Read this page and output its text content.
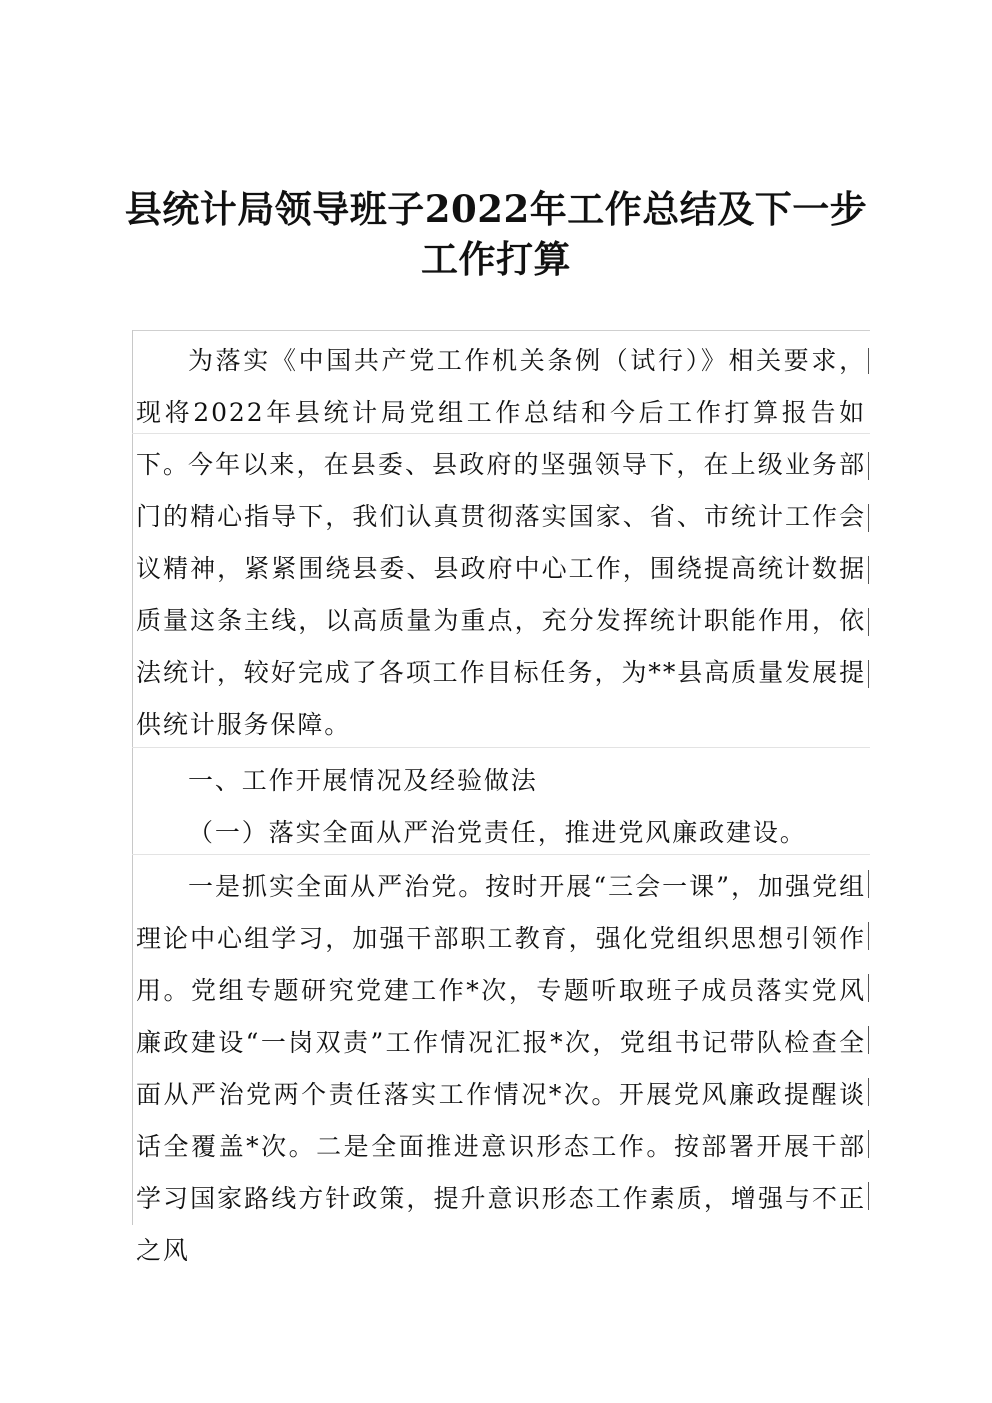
县统计局领导班子2022年工作总结及下一步
工作打算

为落实《中国共产党工作机关条例（试行）》相关要求，现将2022年县统计局党组工作总结和今后工作打算报告如下。

今年以来，在县委、县政府的坚强领导下，在上级业务部门的精心指导下，我们认真贯彻落实国家、省、市统计工作会议精神，紧紧围绕县委、县政府中心工作，围绕提高统计数据质量这条主线，以高质量为重点，充分发挥统计职能作用，依法统计，较好完成了各项工作目标任务，为**县高质量发展提供统计服务保障。

一、工作开展情况及经验做法

（一）落实全面从严治党责任，推进党风廉政建设。

一是抓实全面从严治党。按时开展“三会一课”，加强党组理论中心组学习，加强干部职工教育，强化党组织思想引领作用。党组专题研究党建工作*次，专题听取班子成员落实党风廉政建设“一岗双责”工作情况汇报*次，党组书记带队检查全面从严治党两个责任落实工作情况*次。开展党风廉政提醒谈话全覆盖*次。二是全面推进意识形态工作。按部署开展干部学习国家路线方针政策，提升意识形态工作素质，增强与不正之风
